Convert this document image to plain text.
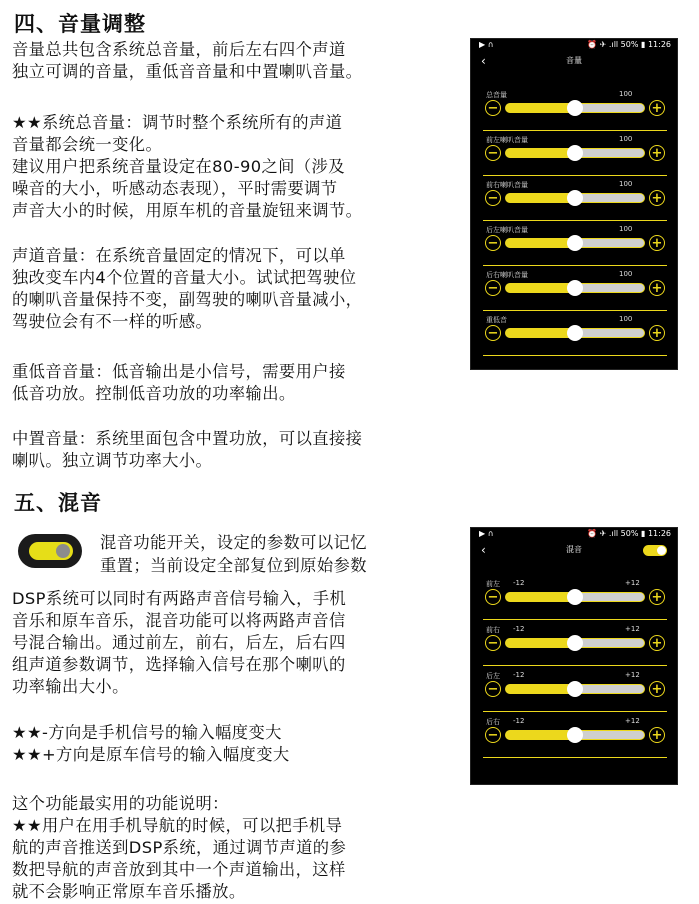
四、音量调整
音量总共包含系统总音量，前后左右四个声道
独立可调的音量，重低音音量和中置喇叭音量。
★★系统总音量：调节时整个系统所有的声道
音量都会统一变化。
建议用户把系统音量设定在80-90之间（涉及
噪音的大小，听感动态表现），平时需要调节
声音大小的时候，用原车机的音量旋钮来调节。
声道音量：在系统音量固定的情况下，可以单
独改变车内4个位置的音量大小。试试把驾驶位
的喇叭音量保持不变，副驾驶的喇叭音量减小，
驾驶位会有不一样的听感。
重低音音量：低音输出是小信号，需要用户接
低音功放。控制低音功放的功率输出。
中置音量：系统里面包含中置功放，可以直接接
喇叭。独立调节功率大小。
五、混音
混音功能开关，设定的参数可以记忆
重置；当前设定全部复位到原始参数
DSP系统可以同时有两路声音信号输入，手机
音乐和原车音乐，混音功能可以将两路声音信
号混合输出。通过前左，前右，后左，后右四
组声道参数调节，选择输入信号在那个喇叭的
功率输出大小。
★★-方向是手机信号的输入幅度变大
★★+方向是原车信号的输入幅度变大
这个功能最实用的功能说明：
★★用户在用手机导航的时候，可以把手机导
航的声音推送到DSP系统，通过调节声道的参
数把导航的声音放到其中一个声道输出，这样
就不会影响正常原车音乐播放。
▶ ∩	⏰ ✈ .ıll 50% ▮ 11:26
‹	音量
总音量	100
−	+
前左喇叭音量	100
−	+
前右喇叭音量	100
−	+
后左喇叭音量	100
−	+
后右喇叭音量	100
−	+
重低音	100
−	+
▶ ∩	⏰ ✈ .ıll 50% ▮ 11:26
‹	混音
前左 -12	+12
−	+
前右 -12	+12
−	+
后左 -12	+12
−	+
后右 -12	+12
−	+
